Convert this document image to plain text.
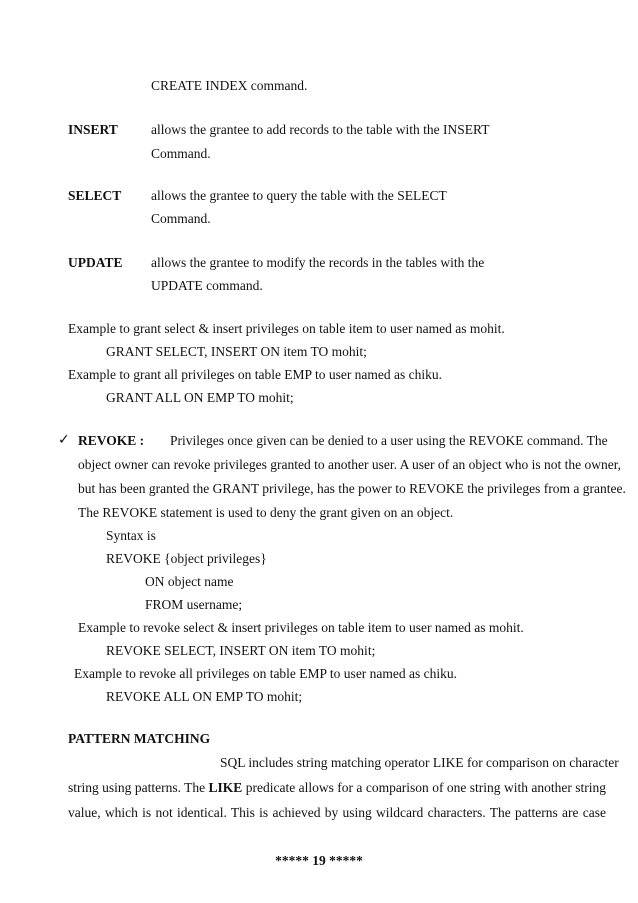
CREATE INDEX command.
INSERT allows the grantee to add records to the table with the INSERT
Command.
SELECT allows the grantee to query the table with the SELECT
Command.
UPDATE allows the grantee to modify the records in the tables with the
UPDATE command.
Example to grant select & insert privileges on table item to user named as mohit.
GRANT SELECT, INSERT ON item TO mohit;
Example to grant all privileges on table EMP to user named as chiku.
GRANT ALL ON EMP TO mohit;
✓ REVOKE : Privileges once given can be denied to a user using the REVOKE command. The
object owner can revoke privileges granted to another user. A user of an object who is not the owner,
but has been granted the GRANT privilege, has the power to REVOKE the privileges from a grantee.
The REVOKE statement is used to deny the grant given on an object.
Syntax is
REVOKE {object privileges}
ON object name
FROM username;
Example to revoke select & insert privileges on table item to user named as mohit.
REVOKE SELECT, INSERT ON item TO mohit;
Example to revoke all privileges on table EMP to user named as chiku.
REVOKE ALL ON EMP TO mohit;
PATTERN MATCHING
SQL includes string matching operator LIKE for comparison on character
string using patterns. The LIKE predicate allows for a comparison of one string with another string
value, which is not identical. This is achieved by using wildcard characters. The patterns are case
***** 19 *****
